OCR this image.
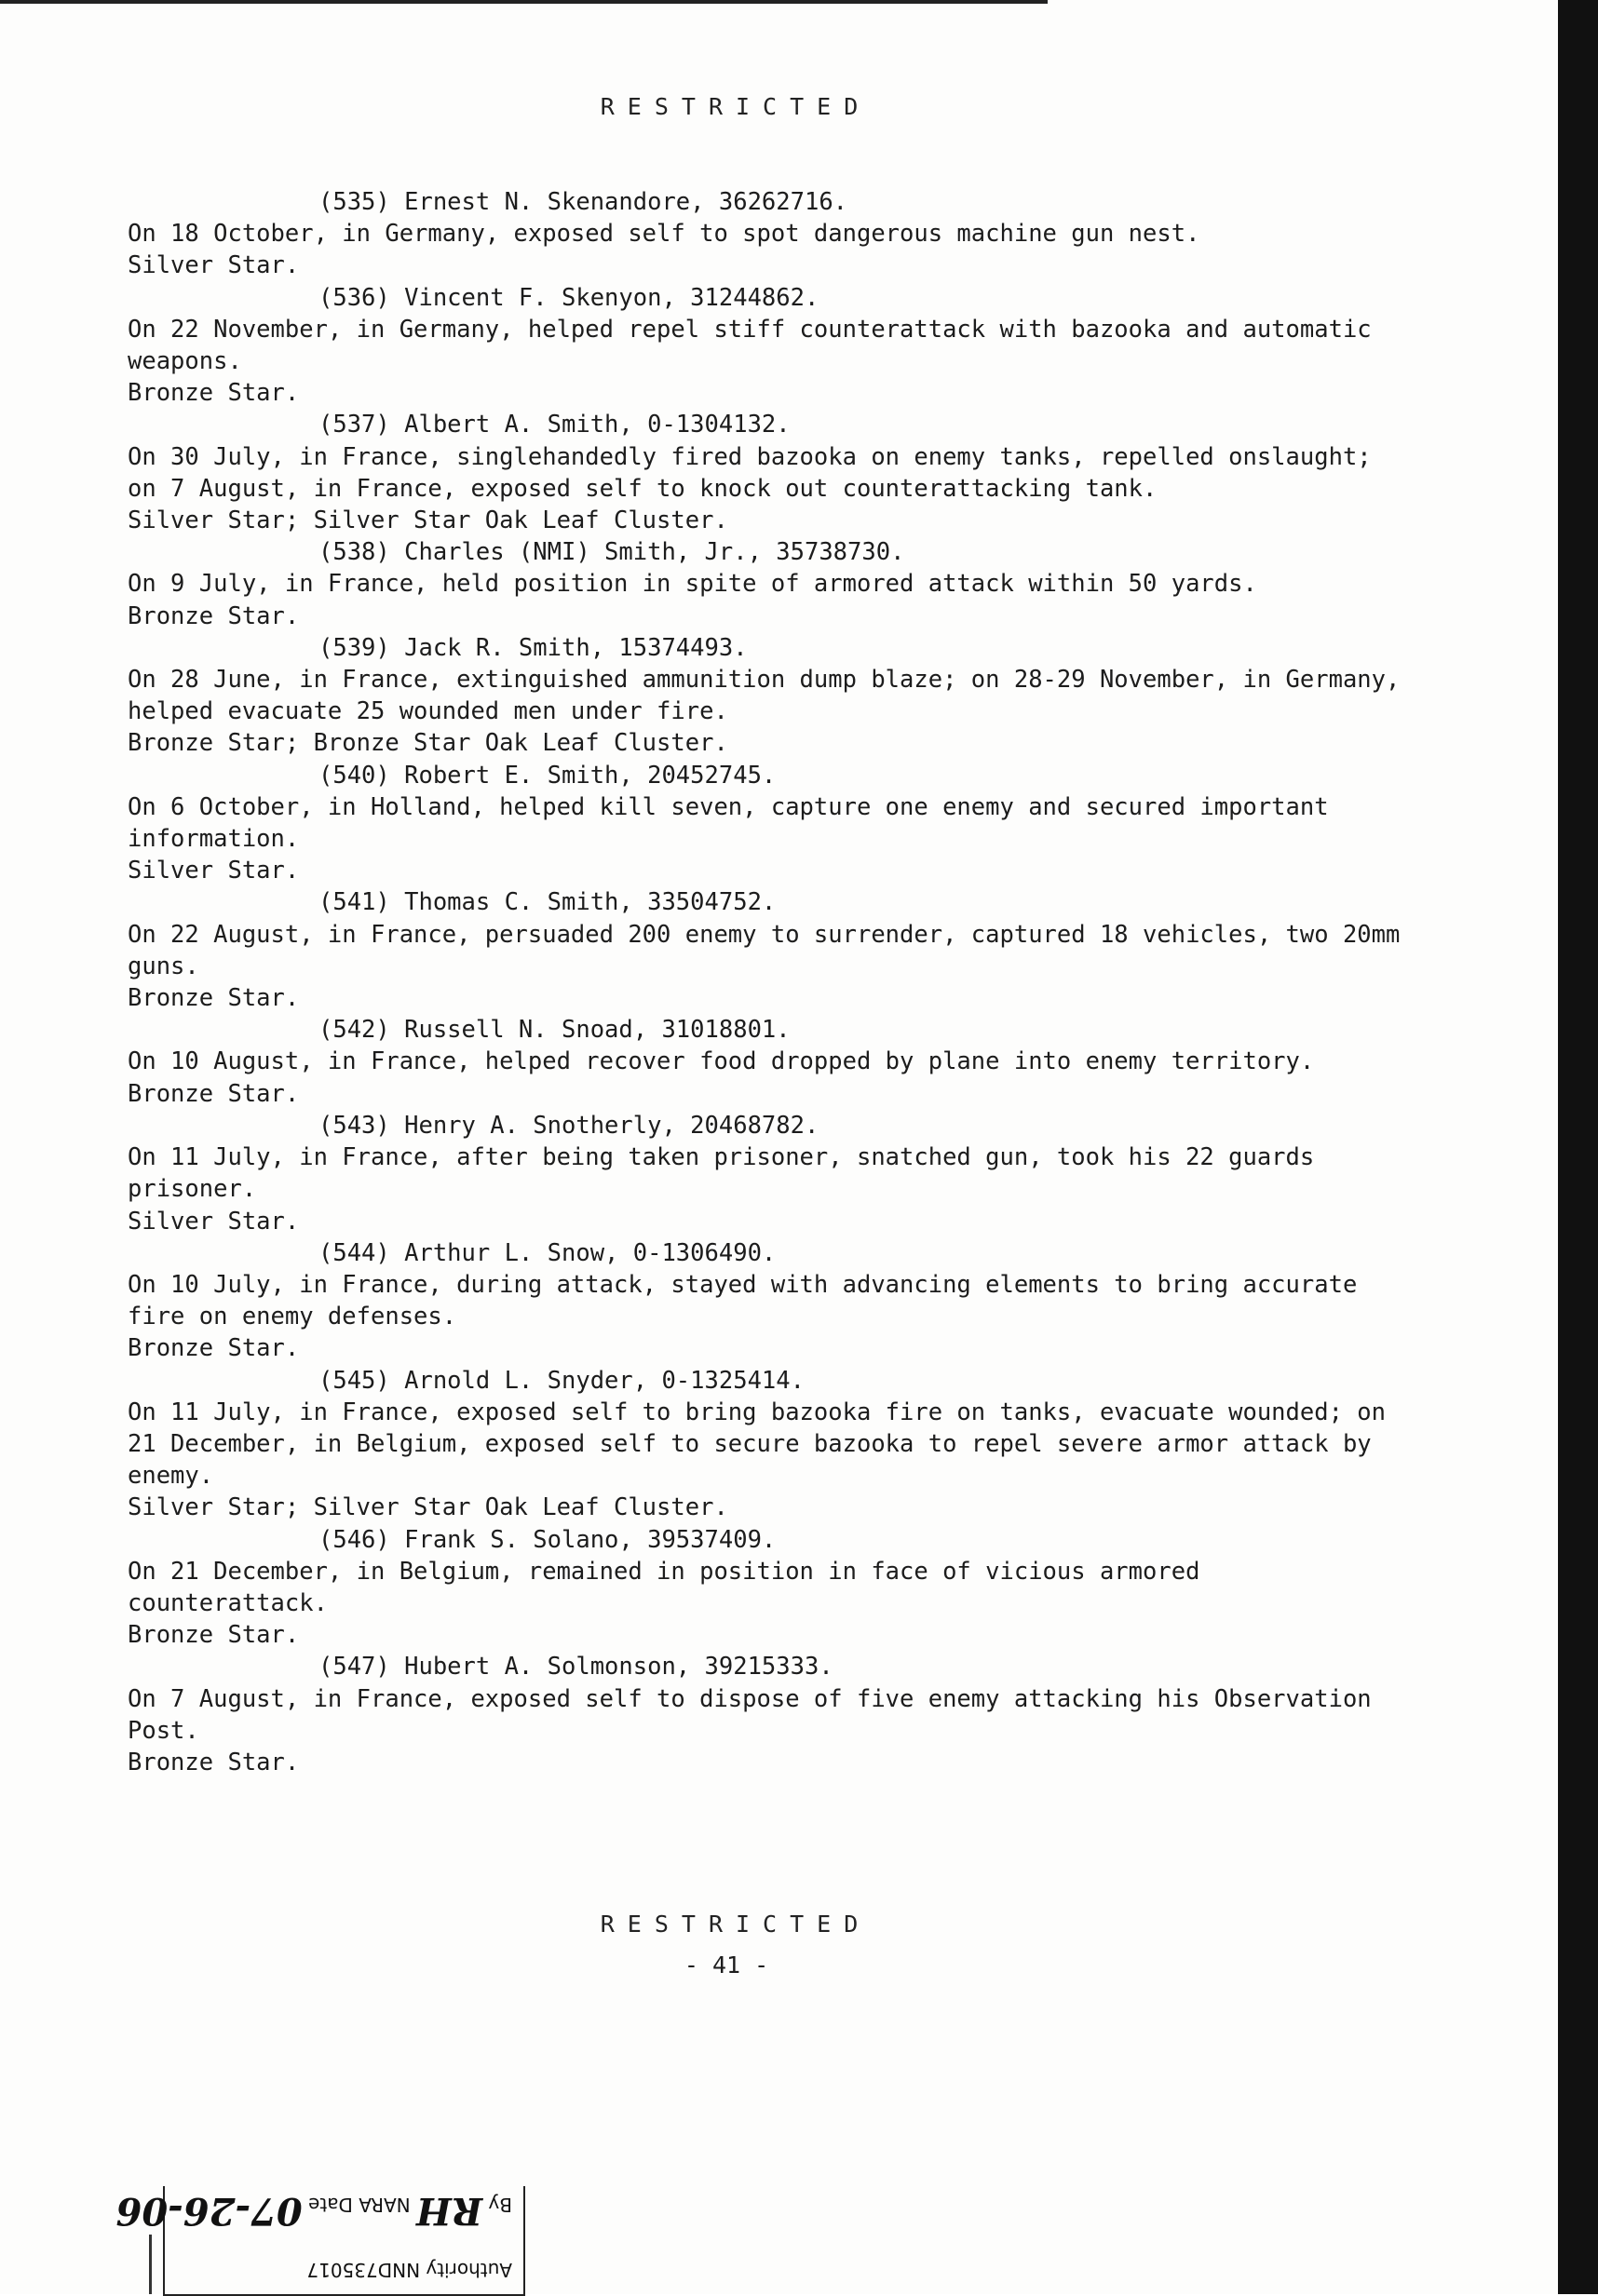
RESTRICTED
(535) Ernest N. Skenandore, 36262716.
On 18 October, in Germany, exposed self to spot dangerous machine gun nest.
Silver Star.
(536) Vincent F. Skenyon, 31244862.
On 22 November, in Germany, helped repel stiff counterattack with bazooka and automatic weapons.
Bronze Star.
(537) Albert A. Smith, 0-1304132.
On 30 July, in France, singlehandedly fired bazooka on enemy tanks, repelled onslaught; on 7 August, in France, exposed self to knock out counterattacking tank.
Silver Star; Silver Star Oak Leaf Cluster.
(538) Charles (NMI) Smith, Jr., 35738730.
On 9 July, in France, held position in spite of armored attack within 50 yards.
Bronze Star.
(539) Jack R. Smith, 15374493.
On 28 June, in France, extinguished ammunition dump blaze; on 28-29 November, in Germany, helped evacuate 25 wounded men under fire.
Bronze Star; Bronze Star Oak Leaf Cluster.
(540) Robert E. Smith, 20452745.
On 6 October, in Holland, helped kill seven, capture one enemy and secured important information.
Silver Star.
(541) Thomas C. Smith, 33504752.
On 22 August, in France, persuaded 200 enemy to surrender, captured 18 vehicles, two 20mm guns.
Bronze Star.
(542) Russell N. Snoad, 31018801.
On 10 August, in France, helped recover food dropped by plane into enemy territory.
Bronze Star.
(543) Henry A. Snotherly, 20468782.
On 11 July, in France, after being taken prisoner, snatched gun, took his 22 guards prisoner.
Silver Star.
(544) Arthur L. Snow, 0-1306490.
On 10 July, in France, during attack, stayed with advancing elements to bring accurate fire on enemy defenses.
Bronze Star.
(545) Arnold L. Snyder, 0-1325414.
On 11 July, in France, exposed self to bring bazooka fire on tanks, evacuate wounded; on 21 December, in Belgium, exposed self to secure bazooka to repel severe armor attack by enemy.
Silver Star; Silver Star Oak Leaf Cluster.
(546) Frank S. Solano, 39537409.
On 21 December, in Belgium, remained in position in face of vicious armored counterattack.
Bronze Star.
(547) Hubert A. Solmonson, 39215333.
On 7 August, in France, exposed self to dispose of five enemy attacking his Observation Post.
Bronze Star.
RESTRICTED
- 41 -
Authority NND735017
By RH NARA Date 07-26-06
